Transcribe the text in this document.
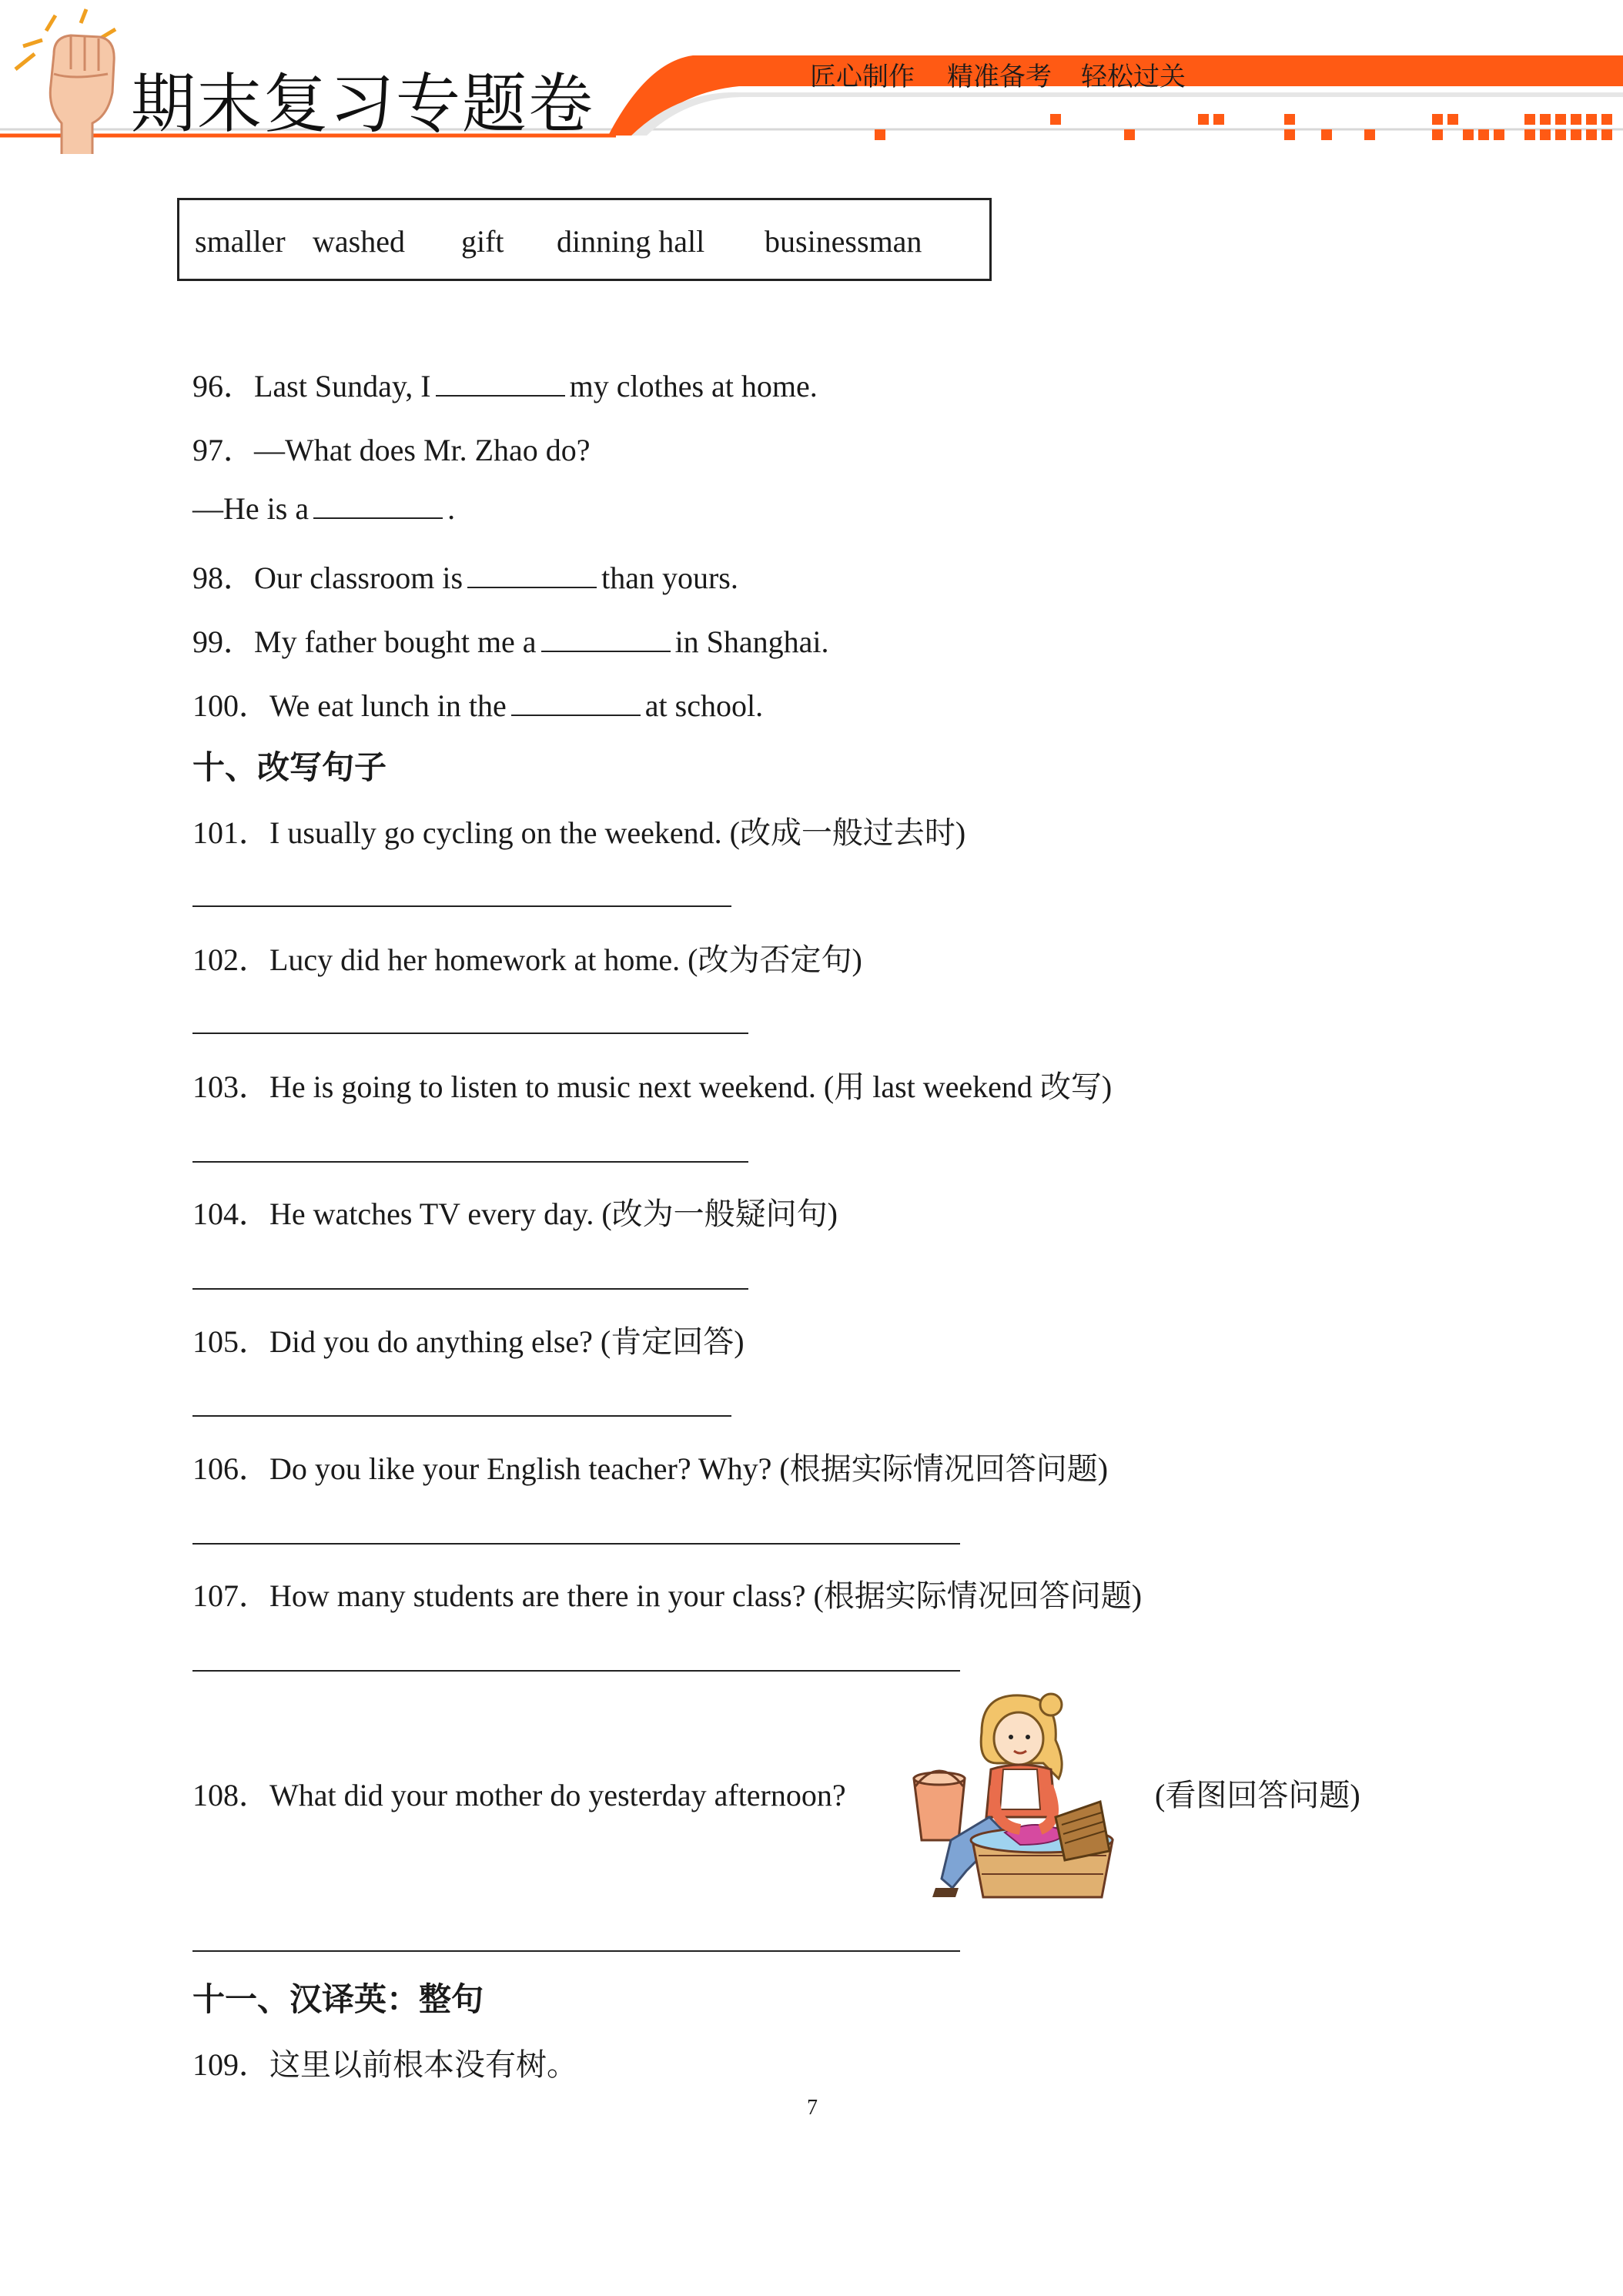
期末复习专题卷	匠心制作 精准备考 轻松过关
smaller washed gift dinning hall businessman
96．Last Sunday, I	my clothes at home.
97．—What does Mr. Zhao do?
—He is a	.
98．Our classroom is	than yours.
99．My father bought me a	in Shanghai.
100．We eat lunch in the	at school.
十、改写句子
101．I usually go cycling on the weekend. (改成一般过去时)
102．Lucy did her homework at home. (改为否定句)
103．He is going to listen to music next weekend. (用 last weekend 改写)
104．He watches TV every day. (改为一般疑问句)
105．Did you do anything else? (肯定回答)
106．Do you like your English teacher? Why? (根据实际情况回答问题)
107．How many students are there in your class? (根据实际情况回答问题)
108．What did your mother do yesterday afternoon?	(看图回答问题)
十一、汉译英：整句
109．这里以前根本没有树。
7
